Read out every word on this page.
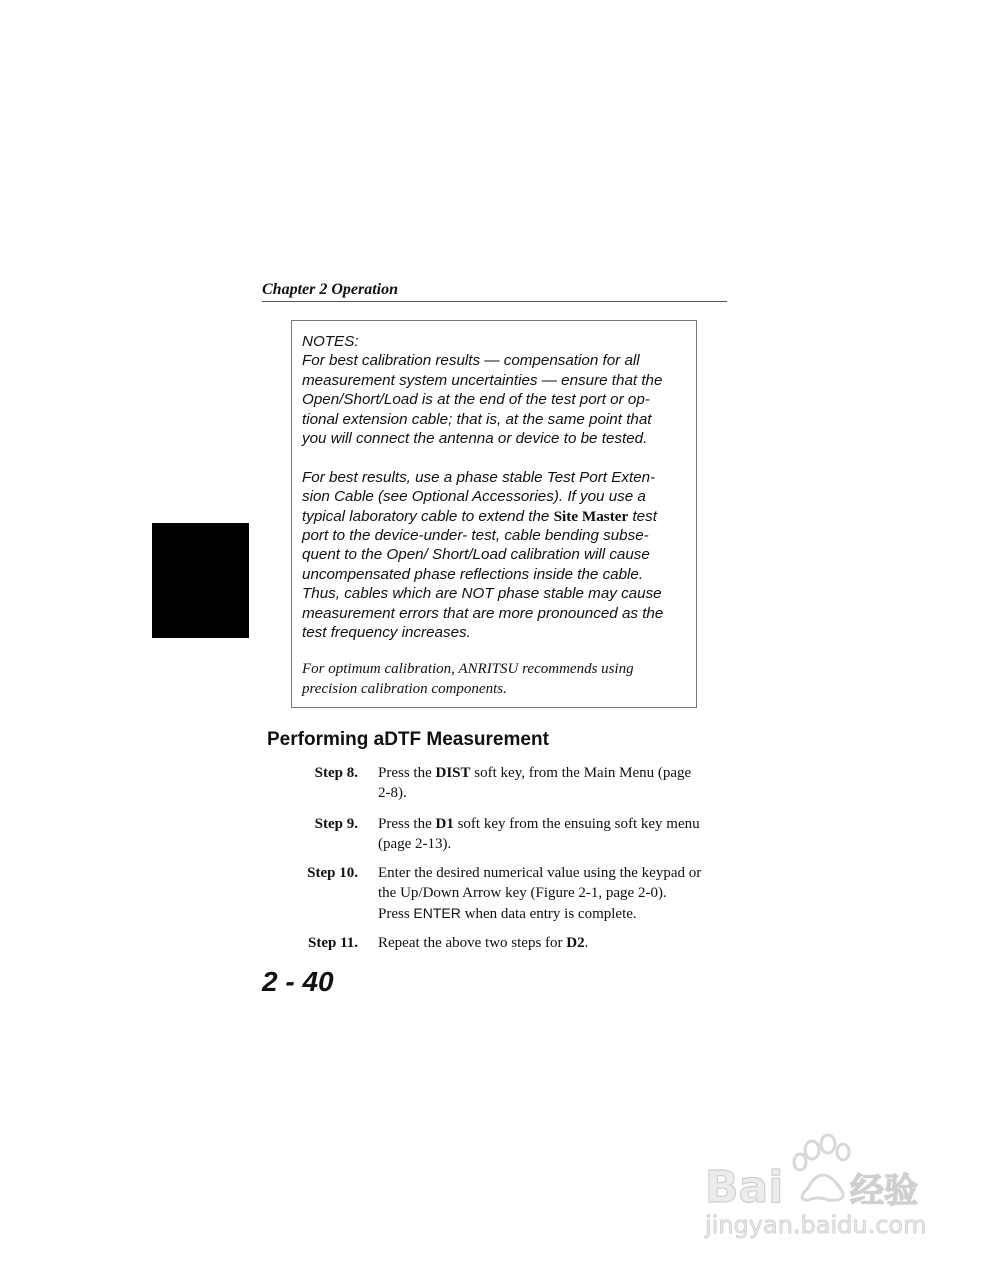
Chapter 2 Operation

NOTES:

For best calibration results — compensation for all
measurement system uncertainties — ensure that the
Open/Short/Load is at the end of the test port or op-
tional extension cable; that is, at the same point that
you will connect the antenna or device to be tested.

For best results, use a phase stable Test Port Exten-
sion Cable (see Optional Accessories). If you use a
typical laboratory cable to extend the Site Master test
port to the device-under- test, cable bending subse-
quent to the Open/ Short/Load calibration will cause
uncompensated phase reflections inside the cable.
Thus, cables which are NOT phase stable may cause
measurement errors that are more pronounced as the
test frequency increases.

For optimum calibration, ANRITSU recommends using
precision calibration components.
Performing aDTF Measurement
Step 8. Press the DIST soft key, from the Main Menu (page
2-8).
Step 9. Press the D1 soft key from the ensuing soft key menu
(page 2-13).
Step 10. Enter the desired numerical value using the keypad or
the Up/Down Arrow key (Figure 2-1, page 2-0).
Press ENTER when data entry is complete.
Step 11. Repeat the above two steps for D2.
2 - 40
Bai 经验
jingyan.baidu.com
